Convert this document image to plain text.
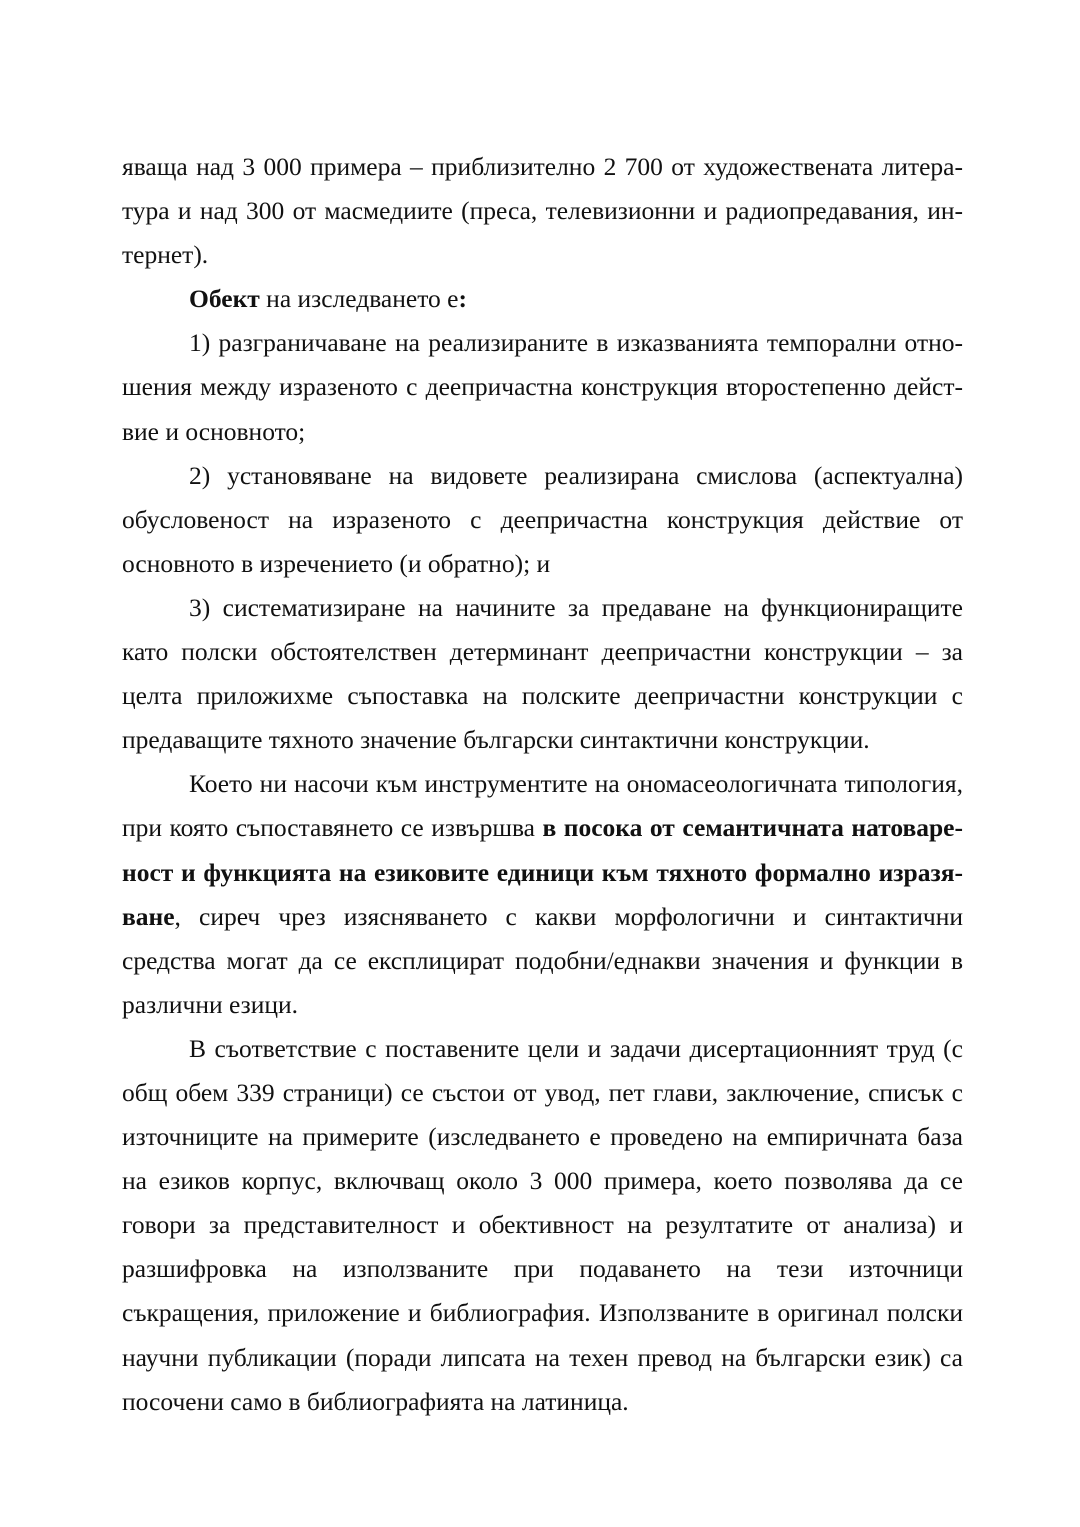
яваща над 3 000 примера – приблизително 2 700 от художествената литература и над 300 от масмедиите (преса, телевизионни и радиопредавания, интернет).

Обект на изследването е:

1) разграничаване на реализираните в изказванията темпорални отношения между изразеното с деепричастна конструкция второстепенно действие и основното;

2) установяване на видовете реализирана смислова (аспектуална) обусловеност на изразеното с деепричастна конструкция действие от основното в изречението (и обратно); и

3) систематизиране на начините за предаване на функциониращите като полски обстоятелствен детерминант деепричастни конструкции – за целта приложихме съпоставка на полските деепричастни конструкции с предаващите тяхното значение български синтактични конструкции.

Което ни насочи към инструментите на ономасеологичната типология, при която съпоставянето се извършва в посока от семантичната натовареност и функцията на езиковите единици към тяхното формално изразяване, сиреч чрез изясняването с какви морфологични и синтактични средства могат да се експлицират подобни/еднакви значения и функции в различни езици.

В съответствие с поставените цели и задачи дисертационният труд (с общ обем 339 страници) се състои от увод, пет глави, заключение, списък с източниците на примерите (изследването е проведено на емпиричната база на езиков корпус, включващ около 3 000 примера, което позволява да се говори за представителност и обективност на резултатите от анализа) и разшифровка на използваните при подаването на тези източници съкращения, приложение и библиография. Използваните в оригинал полски научни публикации (поради липсата на техен превод на български език) са посочени само в библиографията на латиница.
